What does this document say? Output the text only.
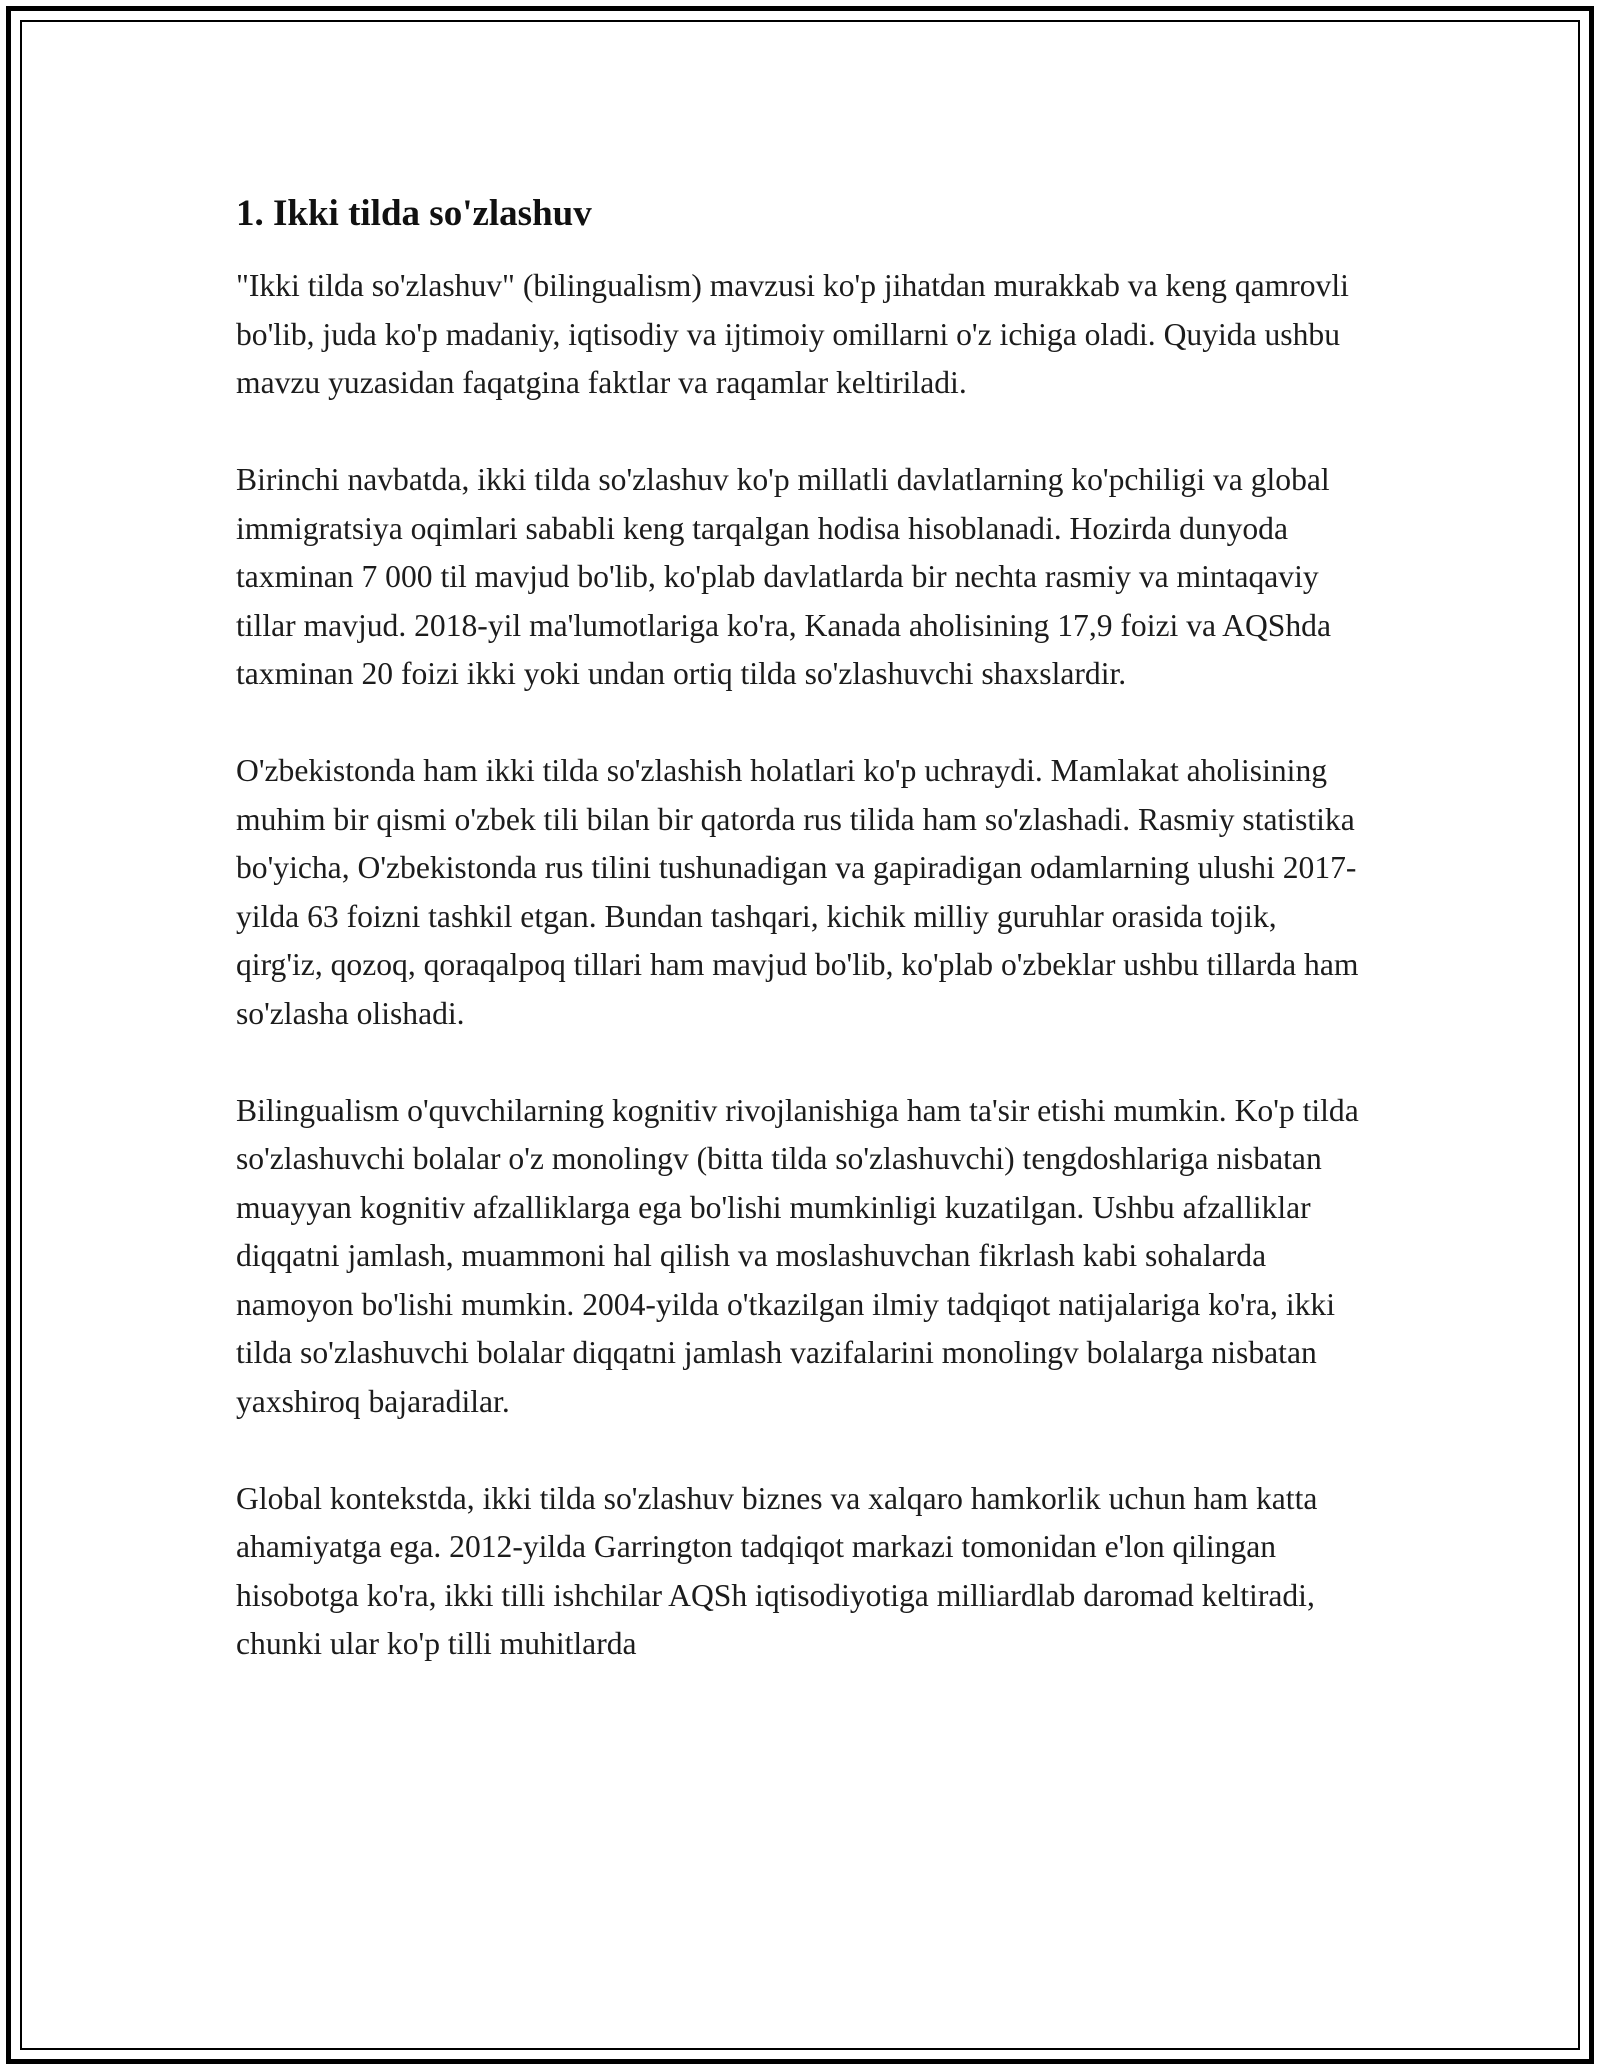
1. Ikki tilda so'zlashuv

"Ikki tilda so'zlashuv" (bilingualism) mavzusi ko'p jihatdan murakkab va keng qamrovli bo'lib, juda ko'p madaniy, iqtisodiy va ijtimoiy omillarni o'z ichiga oladi. Quyida ushbu mavzu yuzasidan faqatgina faktlar va raqamlar keltiriladi.

Birinchi navbatda, ikki tilda so'zlashuv ko'p millatli davlatlarning ko'pchiligi va global immigratsiya oqimlari sababli keng tarqalgan hodisa hisoblanadi. Hozirda dunyoda taxminan 7 000 til mavjud bo'lib, ko'plab davlatlarda bir nechta rasmiy va mintaqaviy tillar mavjud. 2018-yil ma'lumotlariga ko'ra, Kanada aholisining 17,9 foizi va AQShda taxminan 20 foizi ikki yoki undan ortiq tilda so'zlashuvchi shaxslardir.

O'zbekistonda ham ikki tilda so'zlashish holatlari ko'p uchraydi. Mamlakat aholisining muhim bir qismi o'zbek tili bilan bir qatorda rus tilida ham so'zlashadi. Rasmiy statistika bo'yicha, O'zbekistonda rus tilini tushunadigan va gapiradigan odamlarning ulushi 2017-yilda 63 foizni tashkil etgan. Bundan tashqari, kichik milliy guruhlar orasida tojik, qirg'iz, qozoq, qoraqalpoq tillari ham mavjud bo'lib, ko'plab o'zbeklar ushbu tillarda ham so'zlasha olishadi.

Bilingualism o'quvchilarning kognitiv rivojlanishiga ham ta'sir etishi mumkin. Ko'p tilda so'zlashuvchi bolalar o'z monolingv (bitta tilda so'zlashuvchi) tengdoshlariga nisbatan muayyan kognitiv afzalliklarga ega bo'lishi mumkinligi kuzatilgan. Ushbu afzalliklar diqqatni jamlash, muammoni hal qilish va moslashuvchan fikrlash kabi sohalarda namoyon bo'lishi mumkin. 2004-yilda o'tkazilgan ilmiy tadqiqot natijalariga ko'ra, ikki tilda so'zlashuvchi bolalar diqqatni jamlash vazifalarini monolingv bolalarga nisbatan yaxshiroq bajaradilar.

Global kontekstda, ikki tilda so'zlashuv biznes va xalqaro hamkorlik uchun ham katta ahamiyatga ega. 2012-yilda Garrington tadqiqot markazi tomonidan e'lon qilingan hisobotga ko'ra, ikki tilli ishchilar AQSh iqtisodiyotiga milliardlab daromad keltiradi, chunki ular ko'p tilli muhitlarda
